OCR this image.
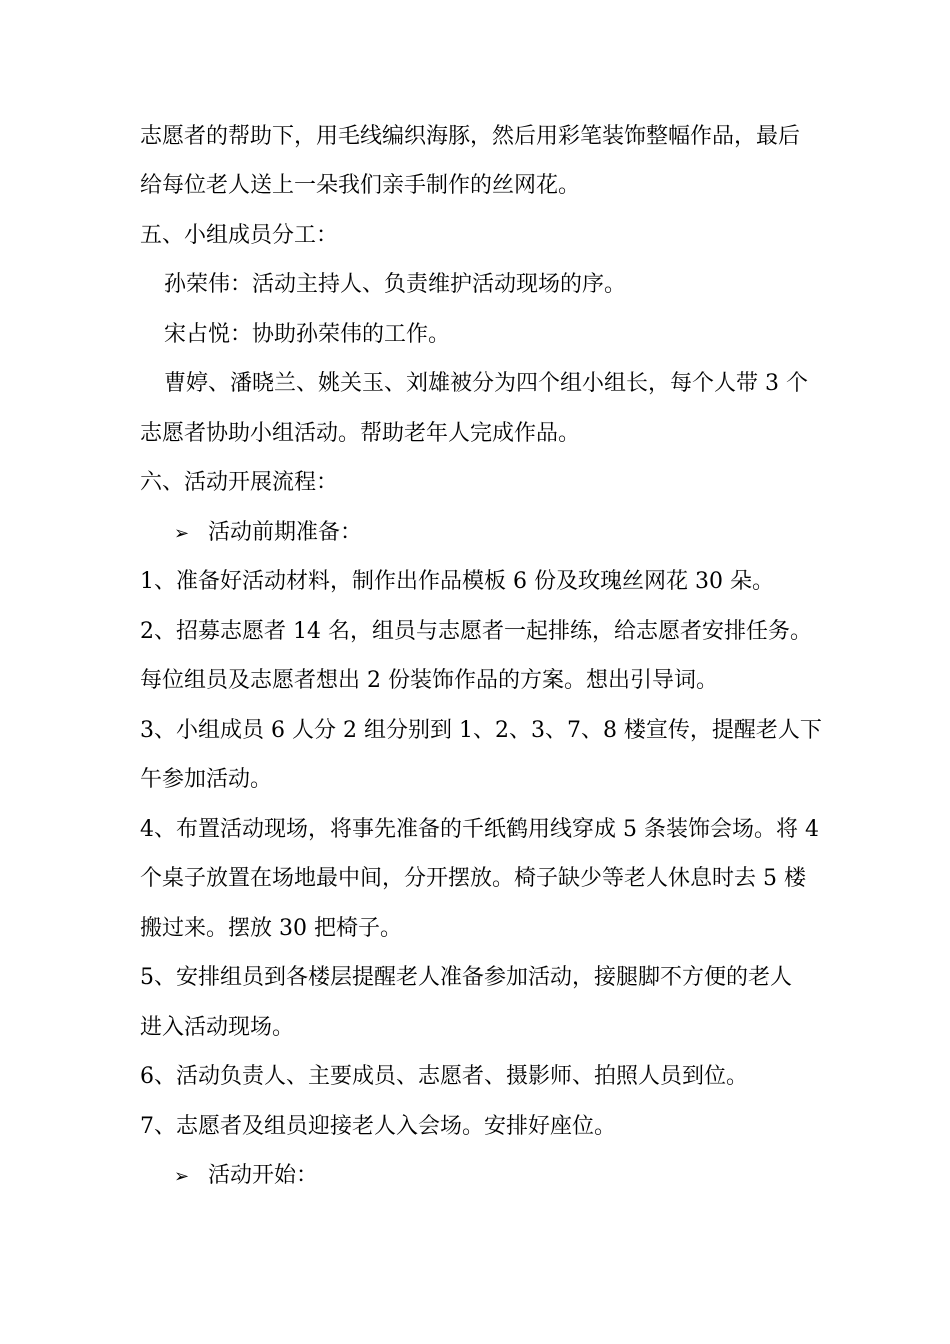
志愿者的帮助下，用毛线编织海豚，然后用彩笔装饰整幅作品，最后
给每位老人送上一朵我们亲手制作的丝网花。
五、小组成员分工：
孙荣伟：活动主持人、负责维护活动现场的序。
宋占悦：协助孙荣伟的工作。
曹婷、潘晓兰、姚关玉、刘雄被分为四个组小组长，每个人带 3 个
志愿者协助小组活动。帮助老年人完成作品。
六、活动开展流程：
➢ 活动前期准备：
1、准备好活动材料，制作出作品模板 6 份及玫瑰丝网花 30 朵。
2、招募志愿者 14 名，组员与志愿者一起排练，给志愿者安排任务。
每位组员及志愿者想出 2 份装饰作品的方案。想出引导词。
3、小组成员 6 人分 2 组分别到 1、2、3、7、8 楼宣传，提醒老人下
午参加活动。
4、布置活动现场，将事先准备的千纸鹤用线穿成 5 条装饰会场。将 4
个桌子放置在场地最中间，分开摆放。椅子缺少等老人休息时去 5 楼
搬过来。摆放 30 把椅子。
5、安排组员到各楼层提醒老人准备参加活动，接腿脚不方便的老人
进入活动现场。
6、活动负责人、主要成员、志愿者、摄影师、拍照人员到位。
7、志愿者及组员迎接老人入会场。安排好座位。
➢ 活动开始：
